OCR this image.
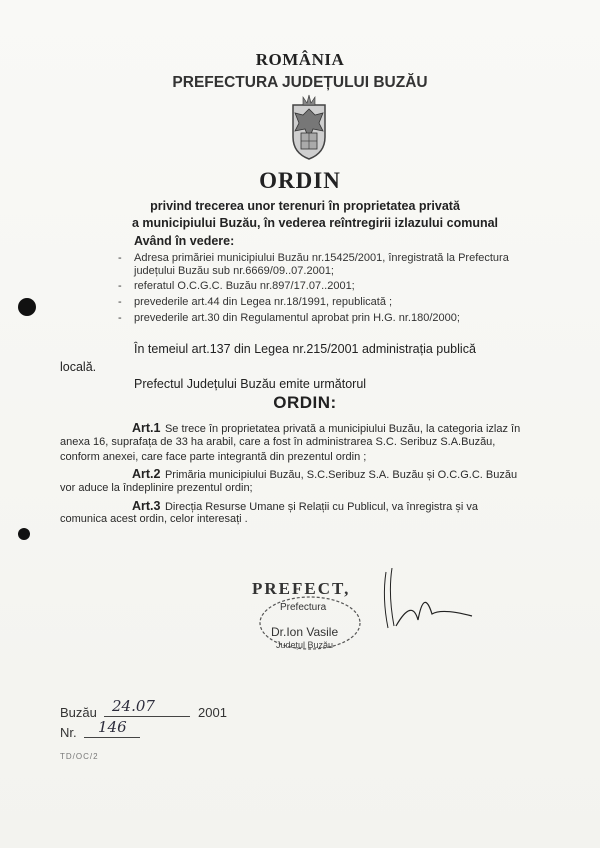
ROMÂNIA
PREFECTURA JUDEȚULUI BUZĂU
ORDIN
privind trecerea unor terenuri în proprietatea privată
a municipiului Buzău, în vederea reîntregirii izlazului comunal
Având în vedere:
- Adresa primăriei municipiului Buzău nr.15425/2001, înregistrată la Prefectura
județului Buzău sub nr.6669/09..07.2001;
- referatul O.C.G.C. Buzău nr.897/17.07..2001;
- prevederile art.44 din Legea nr.18/1991, republicată ;
- prevederile art.30 din Regulamentul aprobat prin H.G. nr.180/2000;
În temeiul art.137 din Legea nr.215/2001 administrația publică
locală.
Prefectul Județului Buzău emite următorul
ORDIN:
Art.1 Se trece în proprietatea privată a municipiului Buzău, la categoria izlaz în
anexa 16, suprafața de 33 ha arabil, care a fost în administrarea S.C. Seribuz S.A.Buzău,
conform anexei, care face parte integrantă din prezentul ordin ;
Art.2 Primăria municipiului Buzău, S.C.Seribuz S.A. Buzău și O.C.G.C. Buzău
vor aduce la îndeplinire prezentul ordin;
Art.3 Direcția Resurse Umane și Relații cu Publicul, va înregistra și va
comunica acest ordin, celor interesați .
PREFECT,
Prefectura
Județul Buzău
Dr.Ion Vasile
Buzău 24.07	2001
Nr. 146
TD/OC/2
